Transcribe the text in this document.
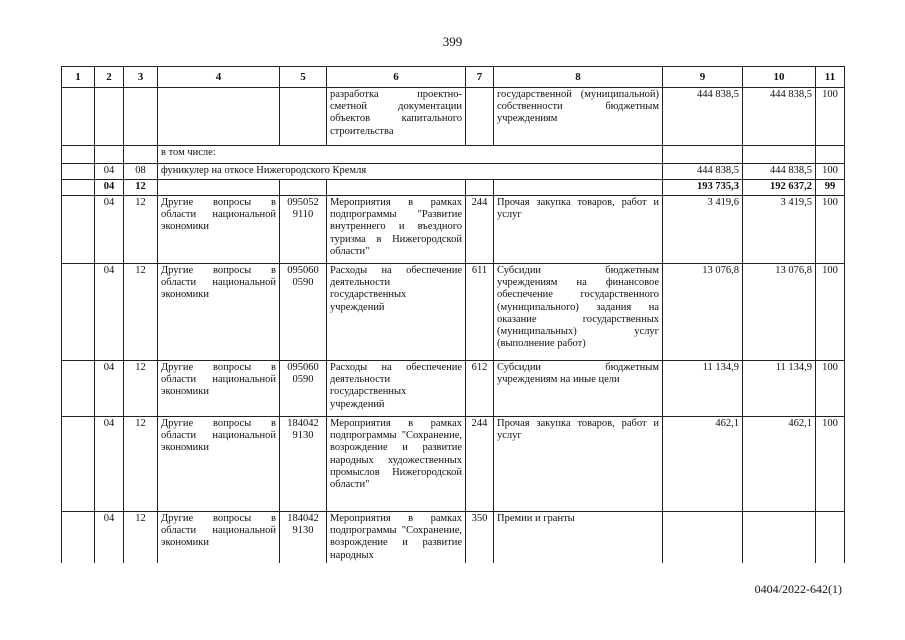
399
1	2	3	4	5	6	7	8	9	10	11
					разработка проектно-сметной документации объектов капитального строительства		государственной (муниципальной) собственности бюджетным учреждениям	444 838,5	444 838,5	100
			в том числе:							
	04	08	фуникулер на откосе Нижегородского Кремля					444 838,5	444 838,5	100
	04	12						193 735,3	192 637,2	99
	04	12	Другие вопросы в области национальной экономики	095052 9110	Мероприятия в рамках подпрограммы "Развитие внутреннего и въездного туризма в Нижегородской области"	244	Прочая закупка товаров, работ и услуг	3 419,6	3 419,5	100
	04	12	Другие вопросы в области национальной экономики	095060 0590	Расходы на обеспечение деятельности государственных учреждений	611	Субсидии бюджетным учреждениям на финансовое обеспечение государственного (муниципального) задания на оказание государственных (муниципальных) услуг (выполнение работ)	13 076,8	13 076,8	100
	04	12	Другие вопросы в области национальной экономики	095060 0590	Расходы на обеспечение деятельности государственных учреждений	612	Субсидии бюджетным учреждениям на иные цели	11 134,9	11 134,9	100
	04	12	Другие вопросы в области национальной экономики	184042 9130	Мероприятия в рамках подпрограммы "Сохранение, возрождение и развитие народных художественных промыслов Нижегородской области"	244	Прочая закупка товаров, работ и услуг	462,1	462,1	100
	04	12	Другие вопросы в области национальной экономики	184042 9130	Мероприятия в рамках подпрограммы "Сохранение, возрождение и развитие народных	350	Премии и гранты			
0404/2022-642(1)
